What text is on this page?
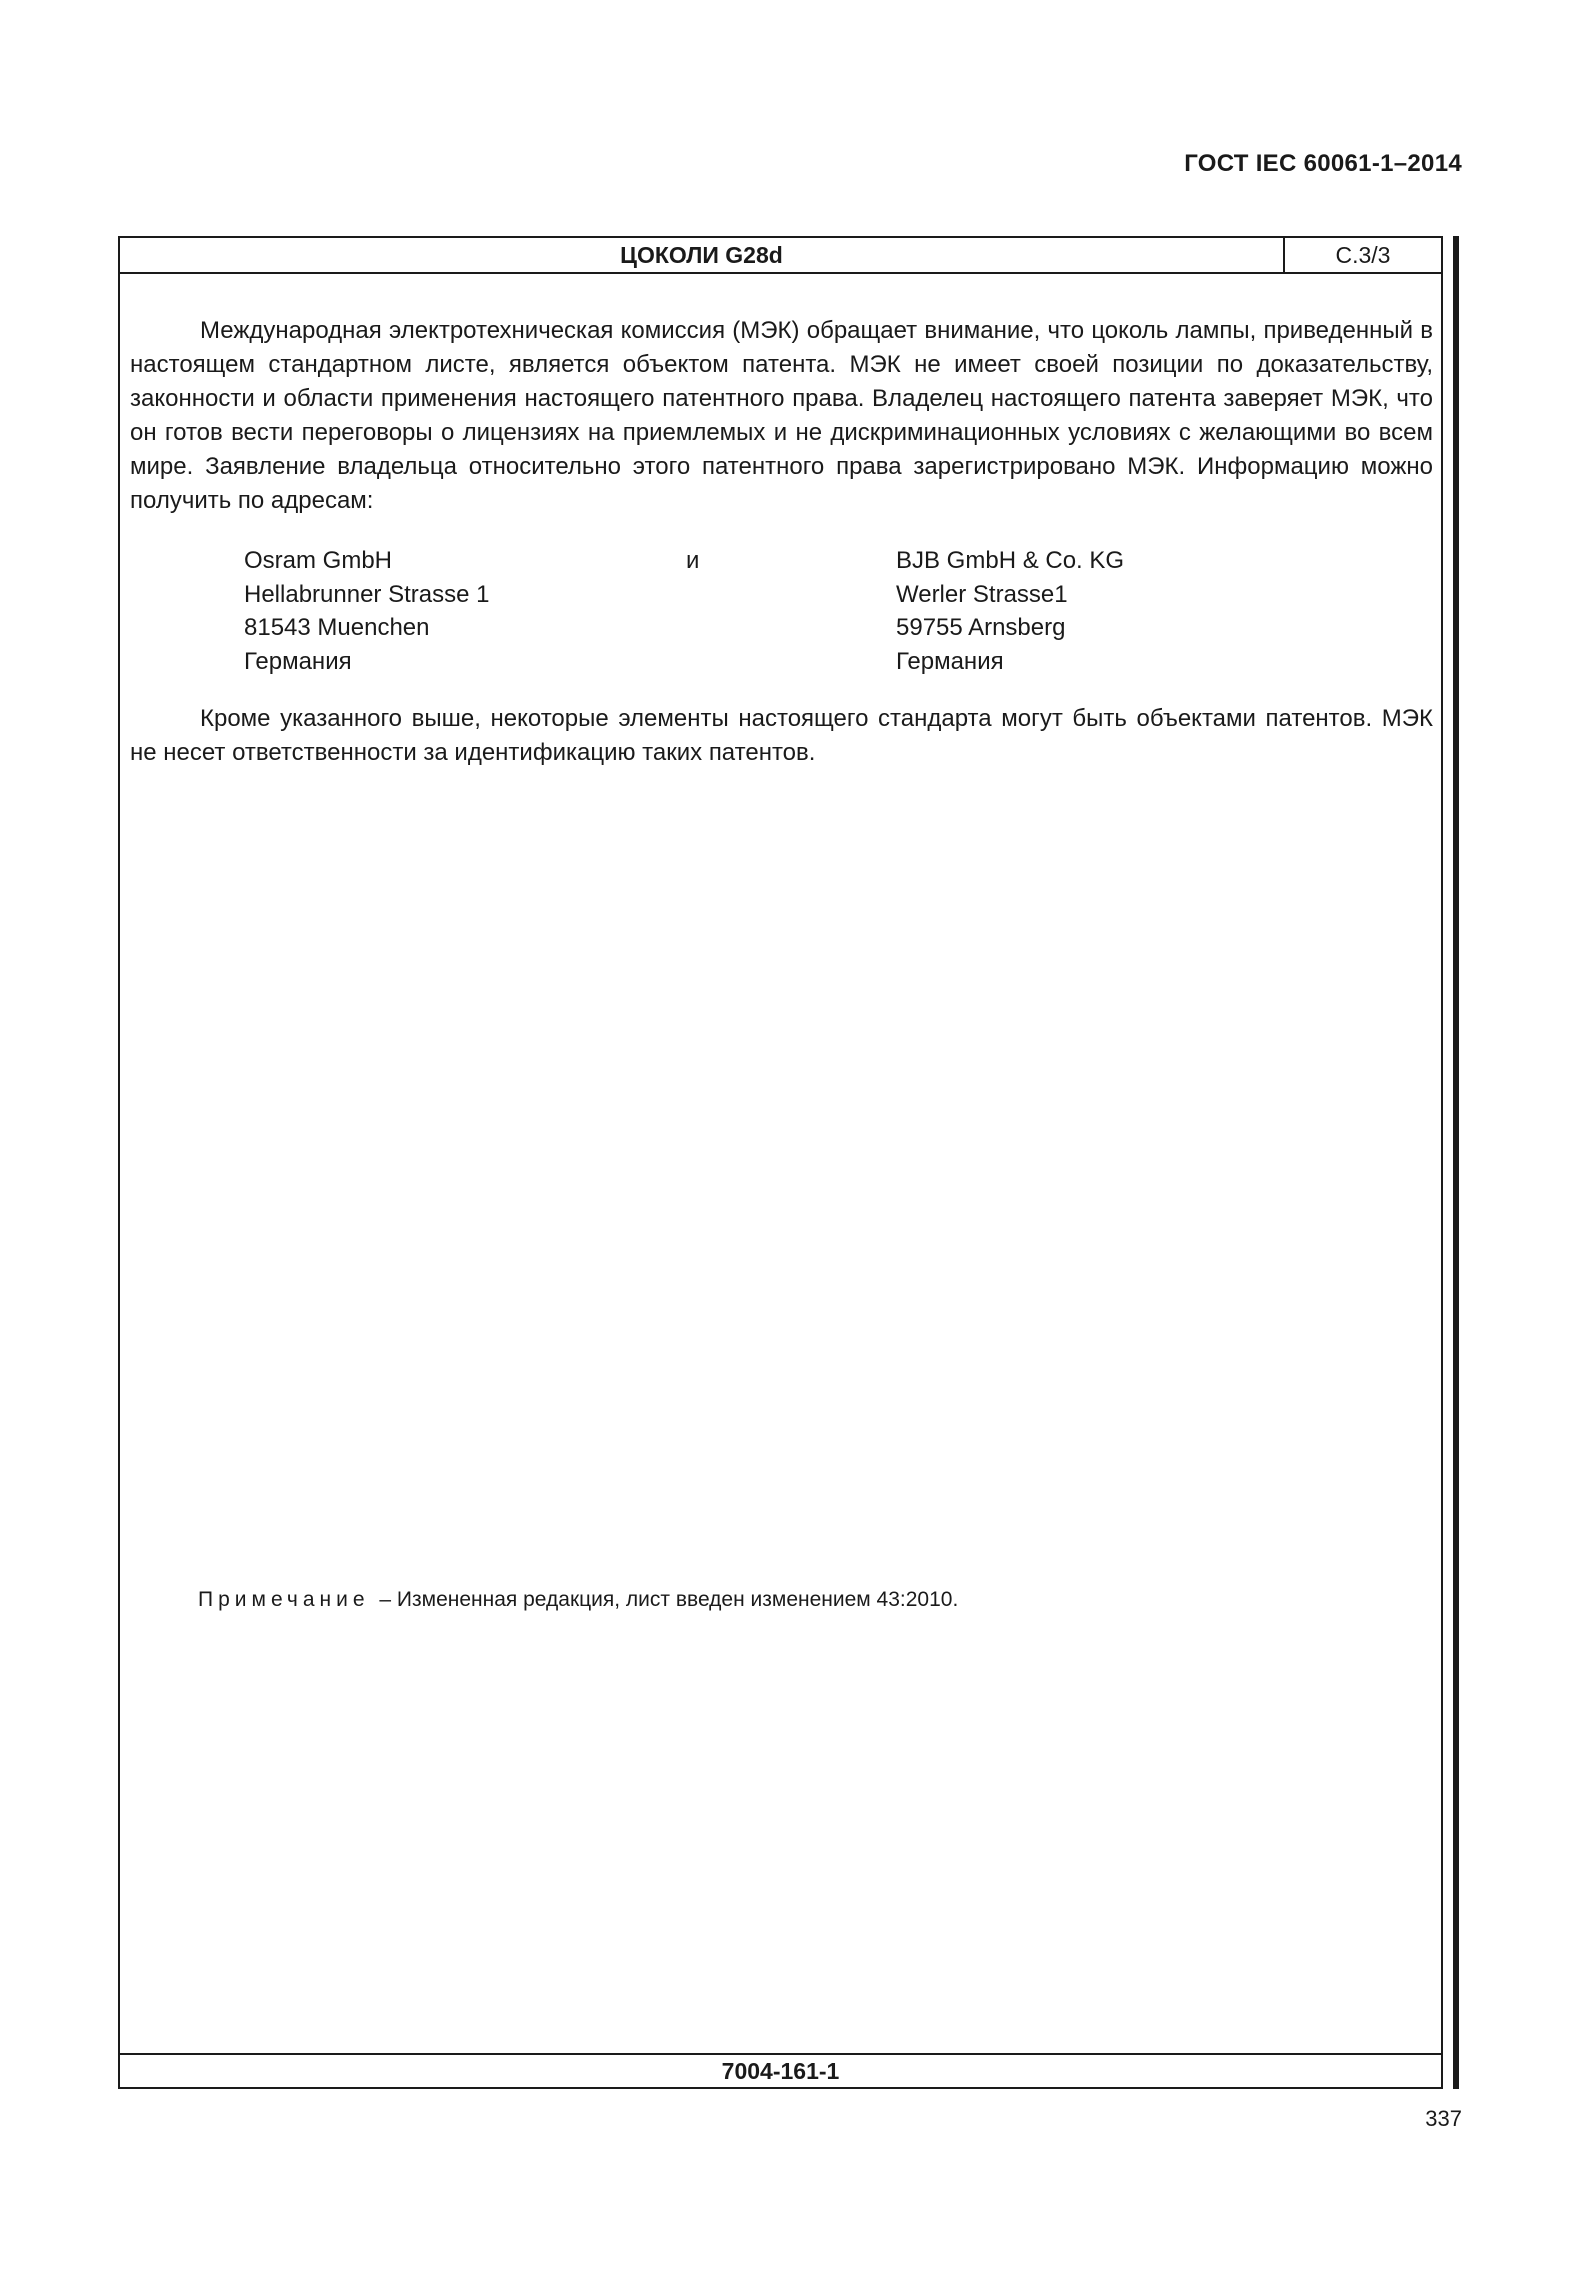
ГОСТ IEC 60061-1–2014
ЦОКОЛИ G28d	С.3/3

Международная электротехническая комиссия (МЭК) обращает внимание, что цоколь лампы, приведенный в настоящем стандартном листе, является объектом патента. МЭК не имеет своей позиции по доказательству, законности и области применения настоящего патентного права. Владелец настоящего патента заверяет МЭК, что он готов вести переговоры о лицензиях на приемлемых и не дискриминационных условиях с желающими во всем мире. Заявление владельца относительно этого патентного права зарегистрировано МЭК. Информацию можно получить по адресам:

Osram GmbH
Hellabrunner Strasse 1
81543 Muenchen
Германия
и	BJB GmbH & Co. KG
Werler Strasse1
59755 Arnsberg
Германия

Кроме указанного выше, некоторые элементы настоящего стандарта могут быть объектами патентов. МЭК не несет ответственности за идентификацию таких патентов.

Примечание – Измененная редакция, лист введен изменением 43:2010.
7004-161-1
337
